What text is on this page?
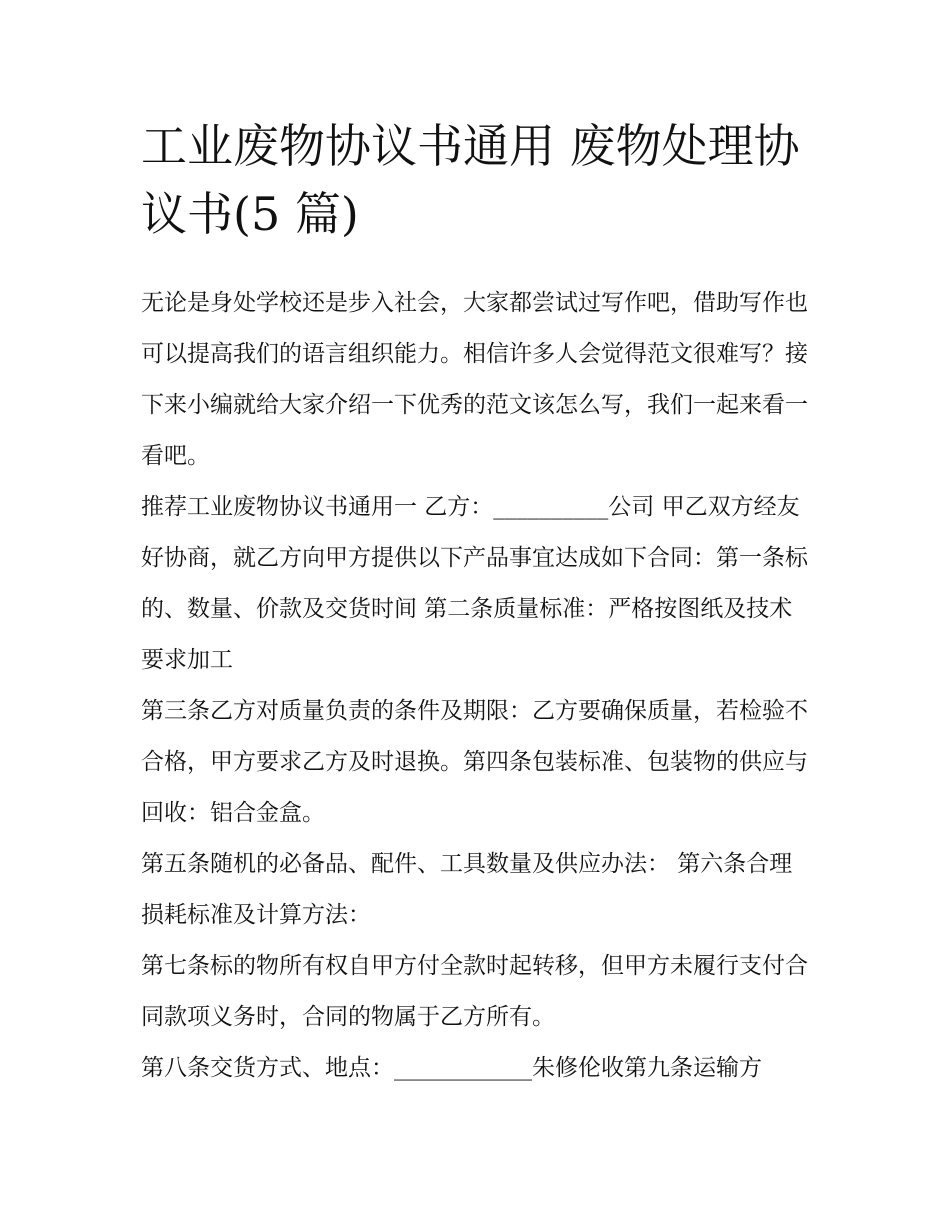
工业废物协议书通用 废物处理协议书(5 篇)

无论是身处学校还是步入社会，大家都尝试过写作吧，借助写作也可以提高我们的语言组织能力。相信许多人会觉得范文很难写？接下来小编就给大家介绍一下优秀的范文该怎么写，我们一起来看一看吧。

推荐工业废物协议书通用一 乙方：__________公司 甲乙双方经友好协商，就乙方向甲方提供以下产品事宜达成如下合同：第一条标的、数量、价款及交货时间 第二条质量标准：严格按图纸及技术要求加工

第三条乙方对质量负责的条件及期限：乙方要确保质量，若检验不合格，甲方要求乙方及时退换。第四条包装标准、包装物的供应与回收：铝合金盒。

第五条随机的必备品、配件、工具数量及供应办法： 第六条合理损耗标准及计算方法：

第七条标的物所有权自甲方付全款时起转移，但甲方未履行支付合同款项义务时，合同的物属于乙方所有。

第八条交货方式、地点：____________朱修伦收第九条运输方
